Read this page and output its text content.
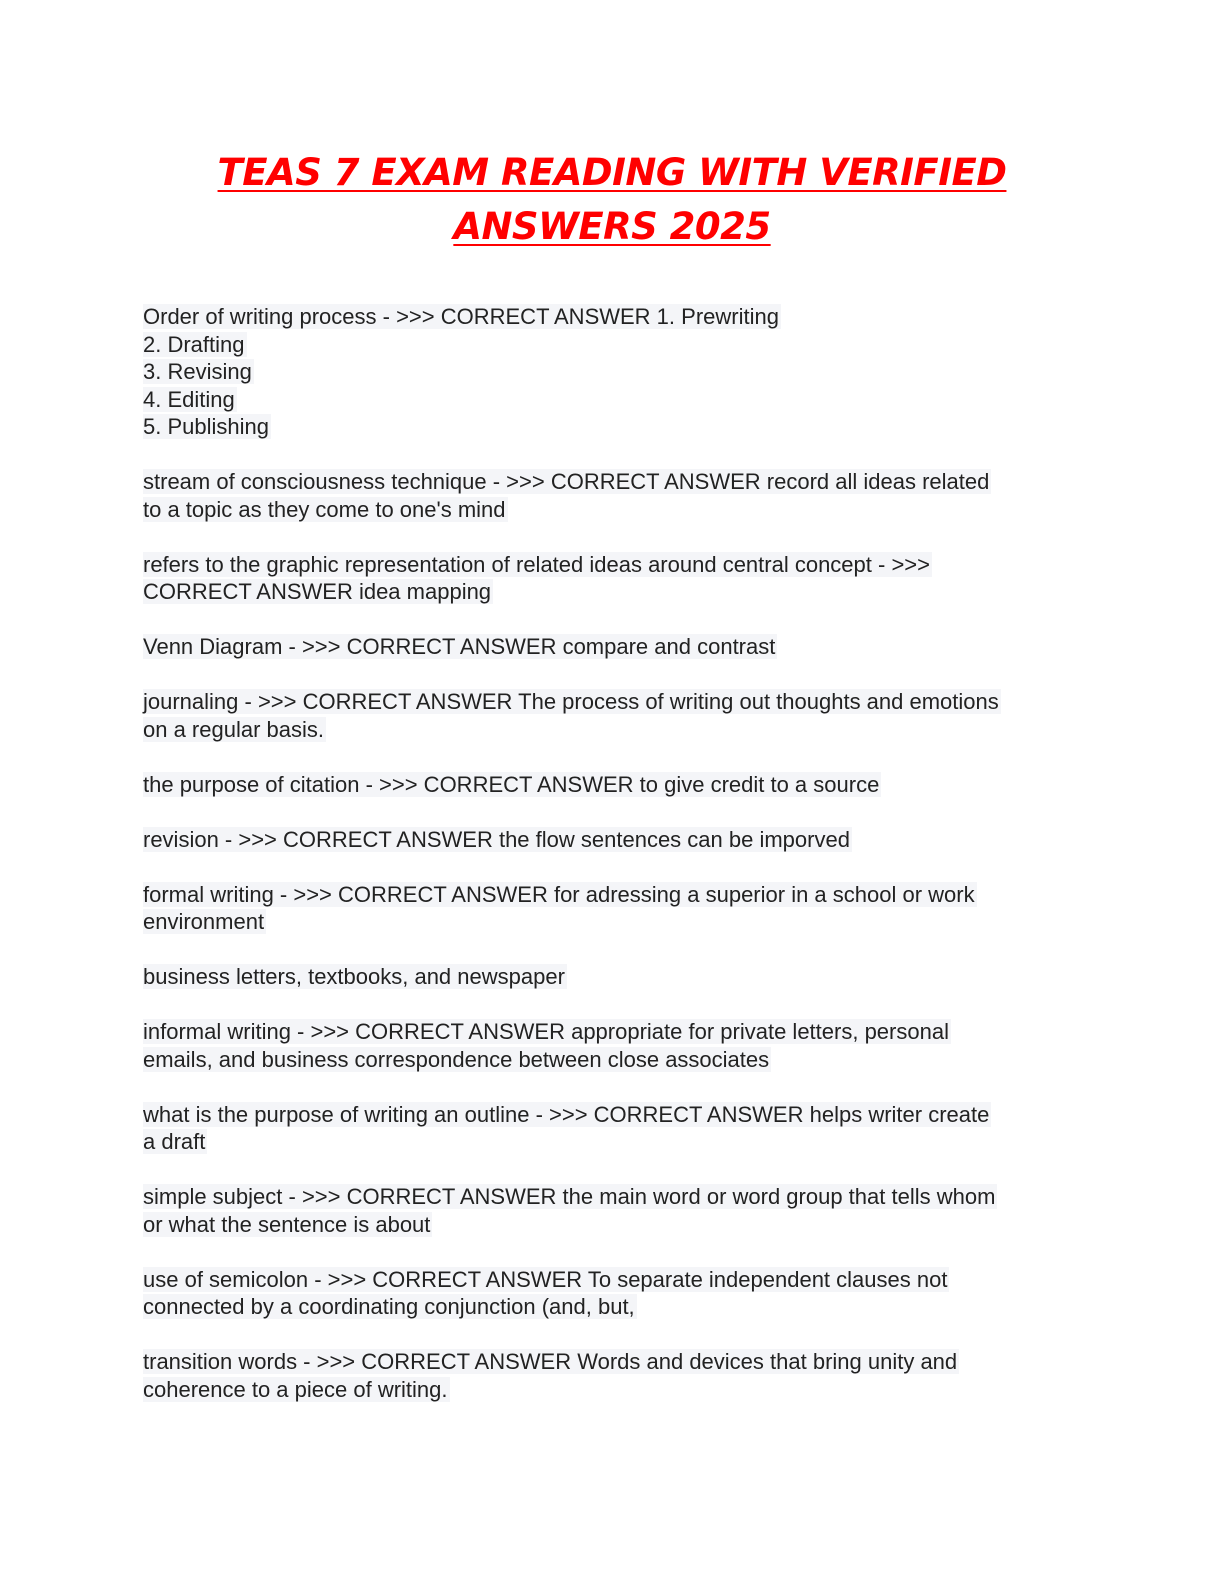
TEAS 7 EXAM READING WITH VERIFIED
ANSWERS 2025
Order of writing process - >>> CORRECT ANSWER 1. Prewriting
2. Drafting
3. Revising
4. Editing
5. Publishing
stream of consciousness technique - >>> CORRECT ANSWER record all ideas related
to a topic as they come to one's mind
refers to the graphic representation of related ideas around central concept - >>>
CORRECT ANSWER idea mapping
Venn Diagram - >>> CORRECT ANSWER compare and contrast
journaling - >>> CORRECT ANSWER The process of writing out thoughts and emotions
on a regular basis.
the purpose of citation - >>> CORRECT ANSWER to give credit to a source
revision - >>> CORRECT ANSWER the flow sentences can be imporved
formal writing - >>> CORRECT ANSWER for adressing a superior in a school or work
environment
business letters, textbooks, and newspaper
informal writing - >>> CORRECT ANSWER appropriate for private letters, personal
emails, and business correspondence between close associates
what is the purpose of writing an outline - >>> CORRECT ANSWER helps writer create
a draft
simple subject - >>> CORRECT ANSWER the main word or word group that tells whom
or what the sentence is about
use of semicolon - >>> CORRECT ANSWER To separate independent clauses not
connected by a coordinating conjunction (and, but,
transition words - >>> CORRECT ANSWER Words and devices that bring unity and
coherence to a piece of writing.
